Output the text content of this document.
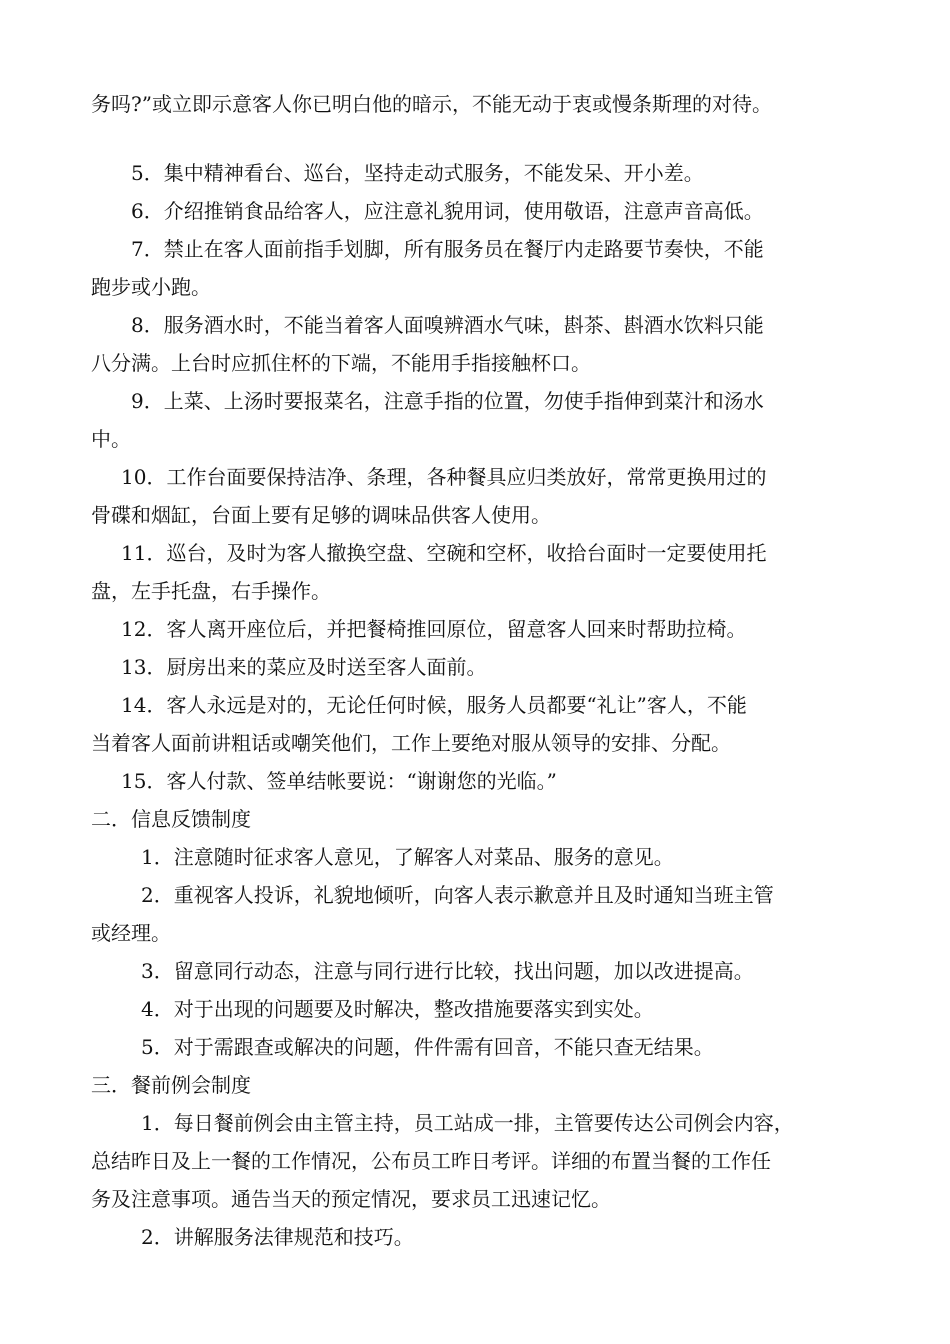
务吗?”或立即示意客人你已明白他的暗示，不能无动于衷或慢条斯理的对待。
5．集中精神看台、巡台，坚持走动式服务，不能发呆、开小差。
6．介绍推销食品给客人，应注意礼貌用词，使用敬语，注意声音高低。
7．禁止在客人面前指手划脚，所有服务员在餐厅内走路要节奏快，不能
跑步或小跑。
8．服务酒水时，不能当着客人面嗅辨酒水气味，斟茶、斟酒水饮料只能
八分满。上台时应抓住杯的下端，不能用手指接触杯口。
9．上菜、上汤时要报菜名，注意手指的位置，勿使手指伸到菜汁和汤水
中。
10．工作台面要保持洁净、条理，各种餐具应归类放好，常常更换用过的
骨碟和烟缸，台面上要有足够的调味品供客人使用。
11．巡台，及时为客人撤换空盘、空碗和空杯，收拾台面时一定要使用托
盘，左手托盘，右手操作。
12．客人离开座位后，并把餐椅推回原位，留意客人回来时帮助拉椅。
13．厨房出来的菜应及时送至客人面前。
14．客人永远是对的，无论任何时候，服务人员都要“礼让”客人，不能
当着客人面前讲粗话或嘲笑他们，工作上要绝对服从领导的安排、分配。
15．客人付款、签单结帐要说：“谢谢您的光临。”
二．信息反馈制度
1．注意随时征求客人意见，了解客人对菜品、服务的意见。
2．重视客人投诉，礼貌地倾听，向客人表示歉意并且及时通知当班主管
或经理。
3．留意同行动态，注意与同行进行比较，找出问题，加以改进提高。
4．对于出现的问题要及时解决，整改措施要落实到实处。
5．对于需跟查或解决的问题，件件需有回音，不能只查无结果。
三．餐前例会制度
1．每日餐前例会由主管主持，员工站成一排，主管要传达公司例会内容，
总结昨日及上一餐的工作情况，公布员工昨日考评。详细的布置当餐的工作任
务及注意事项。通告当天的预定情况，要求员工迅速记忆。
2．讲解服务法律规范和技巧。
